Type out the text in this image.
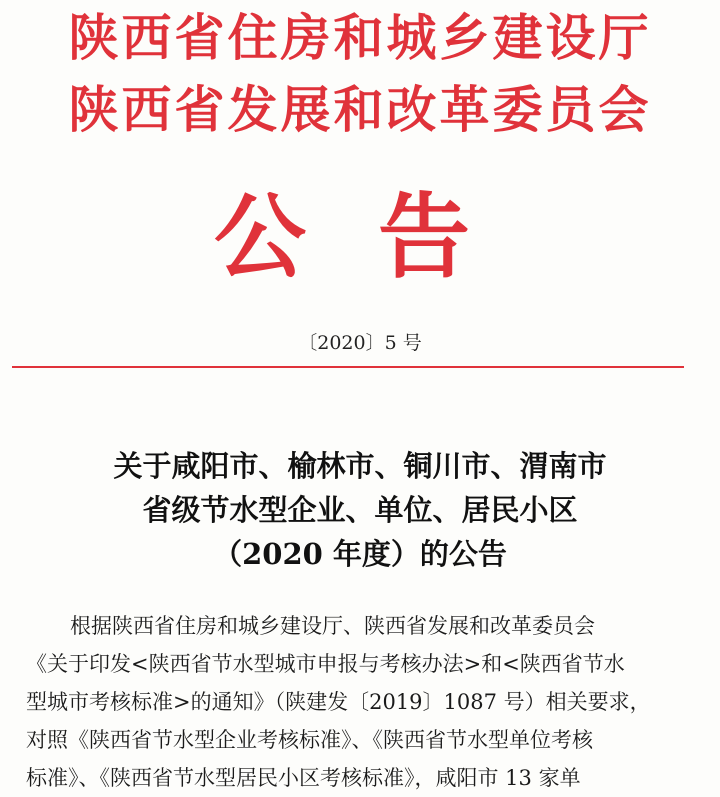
陕西省住房和城乡建设厅
陕西省发展和改革委员会
公告
〔2020〕5 号
关于咸阳市、榆林市、铜川市、渭南市
省级节水型企业、单位、居民小区
（2020 年度）的公告
根据陕西省住房和城乡建设厅、陕西省发展和改革委员会
《关于印发<陕西省节水型城市申报与考核办法>和<陕西省节水
型城市考核标准>的通知》（陕建发〔2019〕1087 号）相关要求，
对照《陕西省节水型企业考核标准》、《陕西省节水型单位考核
标准》、《陕西省节水型居民小区考核标准》，咸阳市 13 家单
